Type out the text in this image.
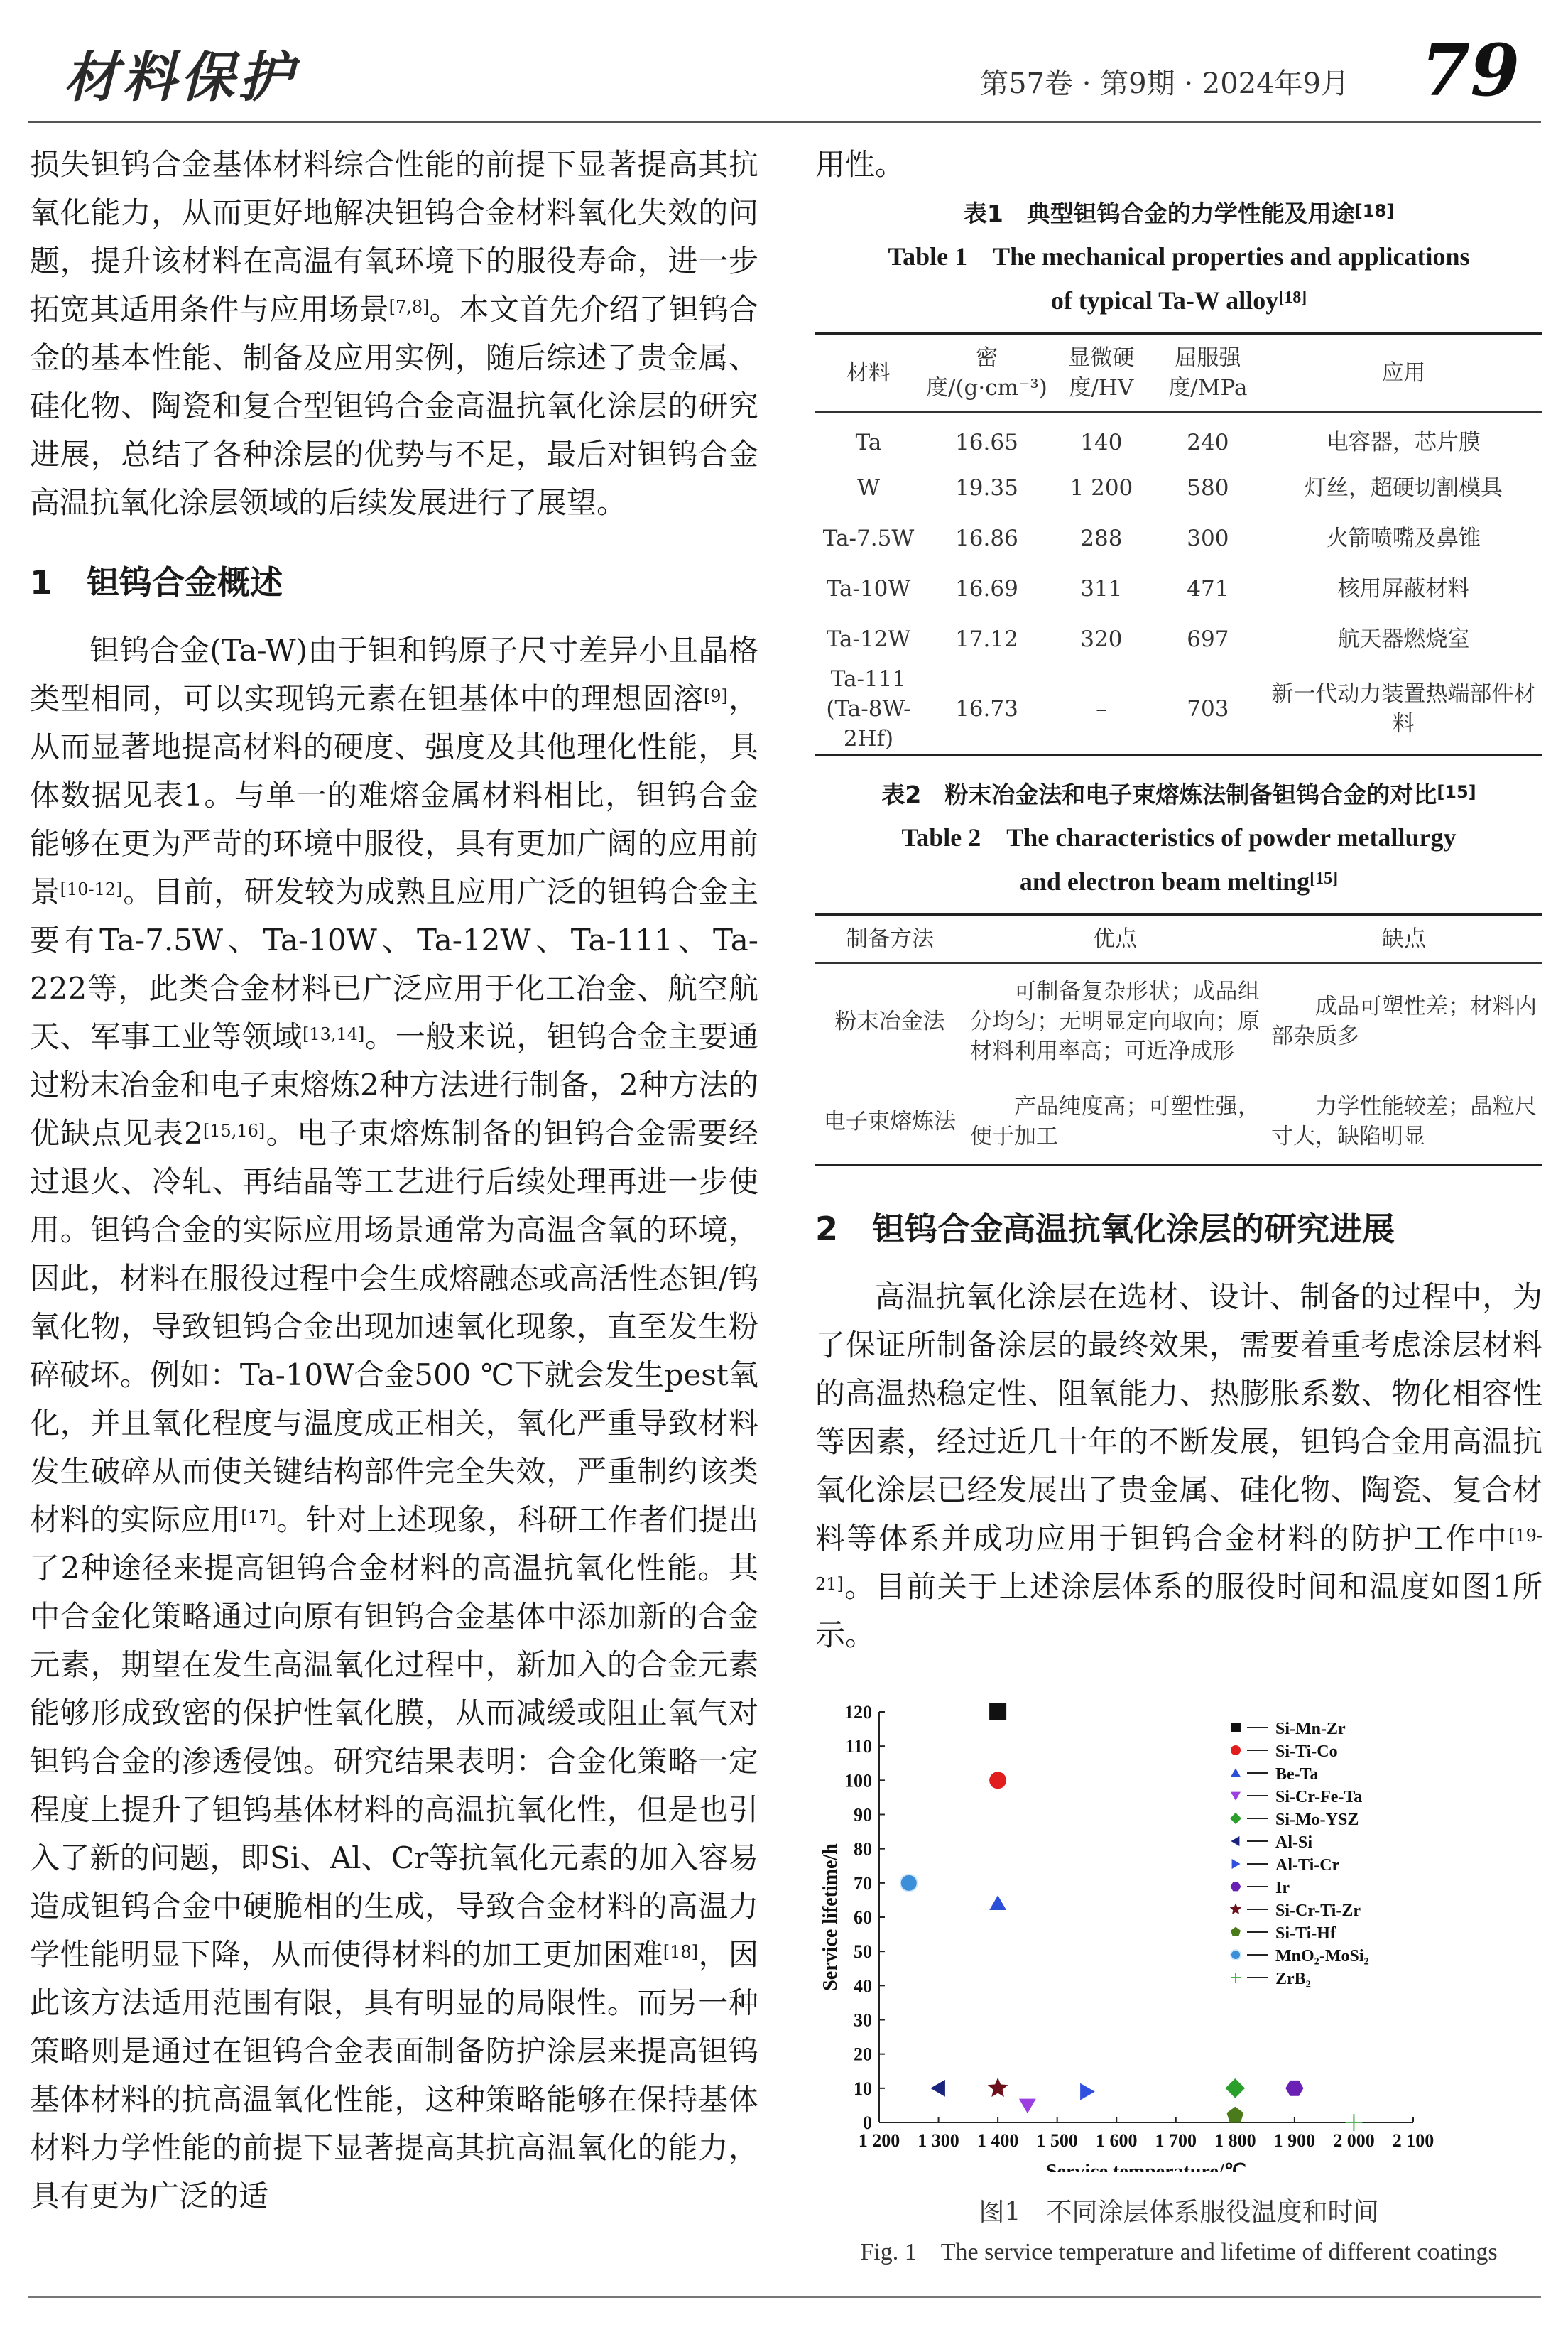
材料保护	第57卷 · 第9期 · 2024年9月 79

损失钽钨合金基体材料综合性能的前提下显著提高其抗氧化能力，从而更好地解决钽钨合金材料氧化失效的问题，提升该材料在高温有氧环境下的服役寿命，进一步拓宽其适用条件与应用场景[7,8]。本文首先介绍了钽钨合金的基本性能、制备及应用实例，随后综述了贵金属、硅化物、陶瓷和复合型钽钨合金高温抗氧化涂层的研究进展，总结了各种涂层的优势与不足，最后对钽钨合金高温抗氧化涂层领域的后续发展进行了展望。

1 钽钨合金概述

钽钨合金(Ta-W)由于钽和钨原子尺寸差异小且晶格类型相同，可以实现钨元素在钽基体中的理想固溶[9]，从而显著地提高材料的硬度、强度及其他理化性能，具体数据见表1。与单一的难熔金属材料相比，钽钨合金能够在更为严苛的环境中服役，具有更加广阔的应用前景[10-12]。目前，研发较为成熟且应用广泛的钽钨合金主要有Ta-7.5W、Ta-10W、Ta-12W、Ta-111、Ta-222等，此类合金材料已广泛应用于化工冶金、航空航天、军事工业等领域[13,14]。一般来说，钽钨合金主要通过粉末冶金和电子束熔炼2种方法进行制备，2种方法的优缺点见表2[15,16]。电子束熔炼制备的钽钨合金需要经过退火、冷轧、再结晶等工艺进行后续处理再进一步使用。钽钨合金的实际应用场景通常为高温含氧的环境，因此，材料在服役过程中会生成熔融态或高活性态钽/钨氧化物，导致钽钨合金出现加速氧化现象，直至发生粉碎破坏。例如：Ta-10W合金500 ℃下就会发生pest氧化，并且氧化程度与温度成正相关，氧化严重导致材料发生破碎从而使关键结构部件完全失效，严重制约该类材料的实际应用[17]。针对上述现象，科研工作者们提出了2种途径来提高钽钨合金材料的高温抗氧化性能。其中合金化策略通过向原有钽钨合金基体中添加新的合金元素，期望在发生高温氧化过程中，新加入的合金元素能够形成致密的保护性氧化膜，从而减缓或阻止氧气对钽钨合金的渗透侵蚀。研究结果表明：合金化策略一定程度上提升了钽钨基体材料的高温抗氧化性，但是也引入了新的问题，即Si、Al、Cr等抗氧化元素的加入容易造成钽钨合金中硬脆相的生成，导致合金材料的高温力学性能明显下降，从而使得材料的加工更加困难[18]，因此该方法适用范围有限，具有明显的局限性。而另一种策略则是通过在钽钨合金表面制备防护涂层来提高钽钨基体材料的抗高温氧化性能，这种策略能够在保持基体材料力学性能的前提下显著提高其抗高温氧化的能力，具有更为广泛的适

用性。

表1　典型钽钨合金的力学性能及用途[18]
Table 1　The mechanical properties and applications
of typical Ta-W alloy[18]
材料	密度/(g·cm⁻³)	显微硬度/HV	屈服强度/MPa	应用
Ta	16.65	140	240	电容器，芯片膜
W	19.35	1 200	580	灯丝，超硬切割模具
Ta-7.5W	16.86	288	300	火箭喷嘴及鼻锥
Ta-10W	16.69	311	471	核用屏蔽材料
Ta-12W	17.12	320	697	航天器燃烧室
Ta-111 (Ta-8W-2Hf)	16.73	–	703	新一代动力装置热端部件材料
表2　粉末冶金法和电子束熔炼法制备钽钨合金的对比[15]
Table 2　The characteristics of powder metallurgy
and electron beam melting[15]
制备方法	优点	缺点
粉末冶金法	可制备复杂形状；成品组分均匀；无明显定向取向；原材料利用率高；可近净成形	成品可塑性差；材料内部杂质多
电子束熔炼法	产品纯度高；可塑性强，便于加工	力学性能较差；晶粒尺寸大，缺陷明显
2 钽钨合金高温抗氧化涂层的研究进展

高温抗氧化涂层在选材、设计、制备的过程中，为了保证所制备涂层的最终效果，需要着重考虑涂层材料的高温热稳定性、阻氧能力、热膨胀系数、物化相容性等因素，经过近几十年的不断发展，钽钨合金用高温抗氧化涂层已经发展出了贵金属、硅化物、陶瓷、复合材料等体系并成功应用于钽钨合金材料的防护工作中[19-21]。目前关于上述涂层体系的服役时间和温度如图1所示。

0
10
20
30
40
50
60
70
80
90
100
110
120
1 200 1 300 1 400 1 500 1 600 1 700 1 800 1 900 2 000 2 100
Service temperature/℃
Service lifetime/h
Si-Mn-Zr
Si-Ti-Co
Be-Ta
Si-Cr-Fe-Ta
Si-Mo-YSZ
Al-Si
Al-Ti-Cr
Ir
Si-Cr-Ti-Zr
Si-Ti-Hf
MnO₂-MoSi₂
ZrB₂
图1　不同涂层体系服役温度和时间
Fig. 1　The service temperature and lifetime of different coatings
